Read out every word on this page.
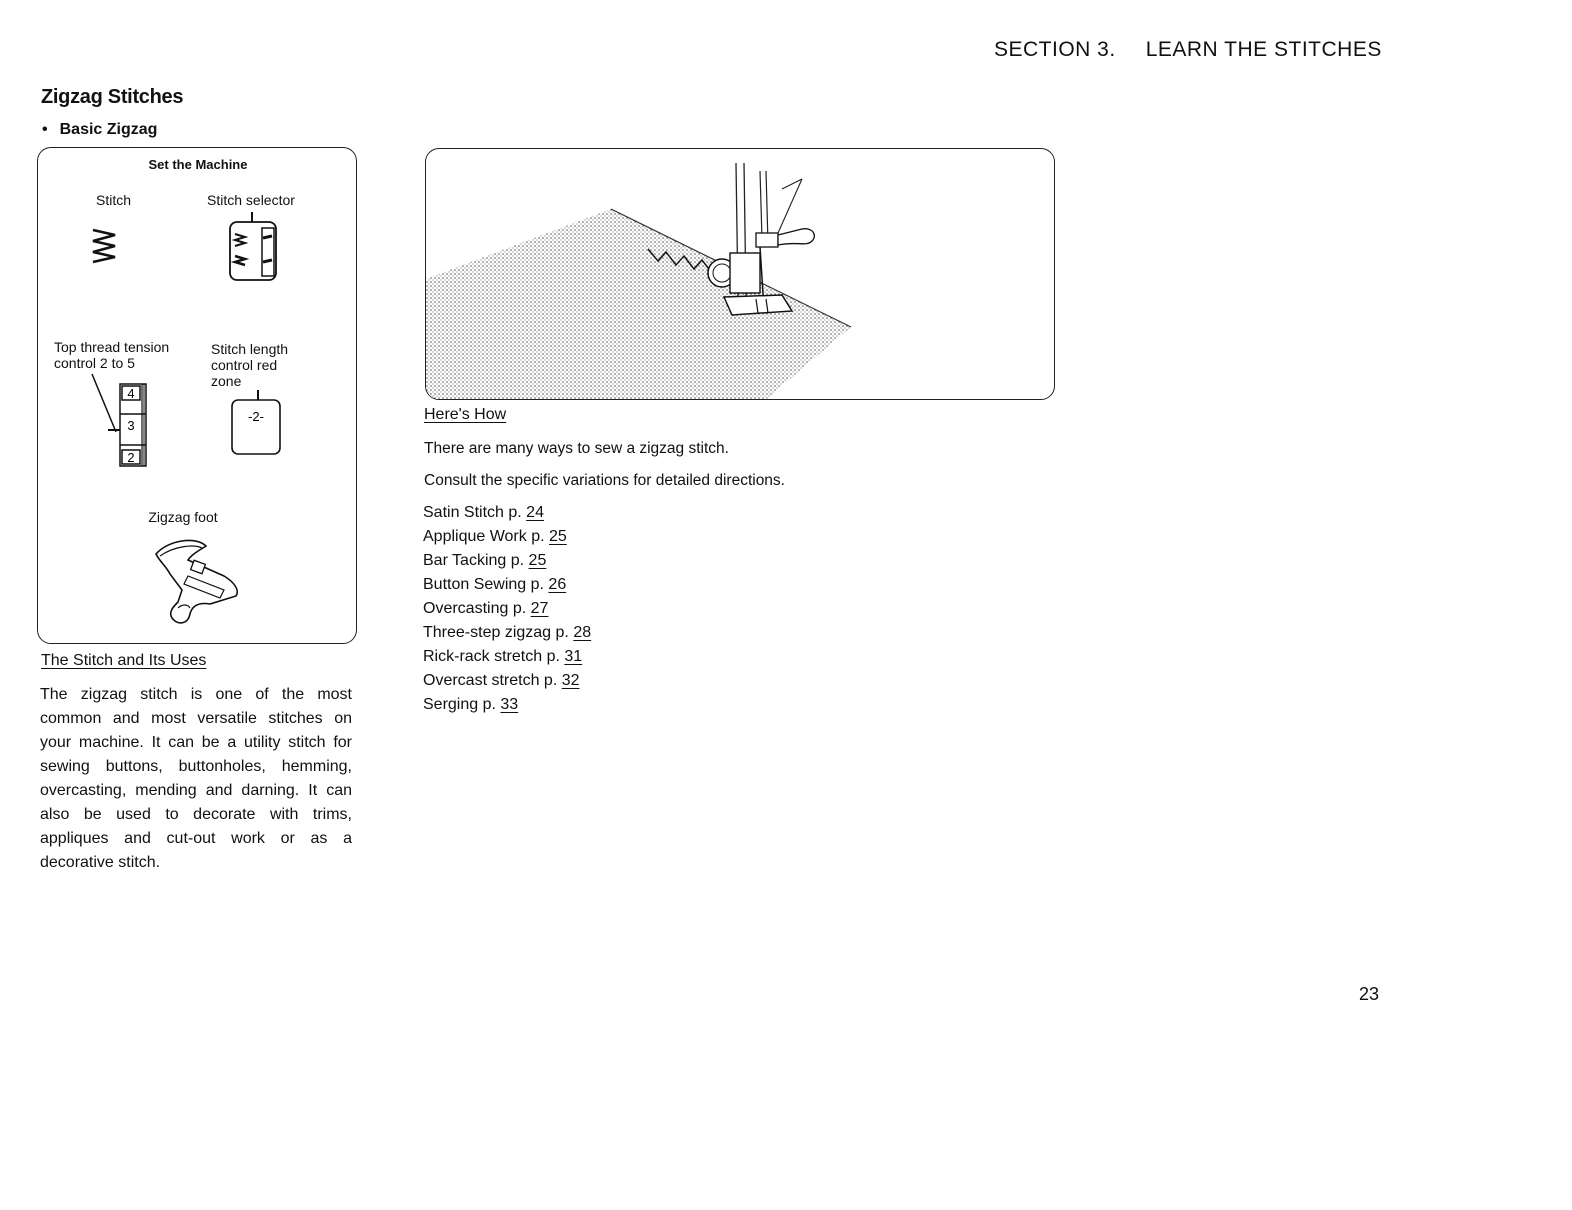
SECTION 3. LEARN THE STITCHES
Zigzag Stitches
• Basic Zigzag
Set the Machine
Stitch	Stitch selector
Top thread tension
control 2 to 5
Stitch length
control red
zone
4
3
2
-2-
Zigzag foot
The Stitch and Its Uses
The zigzag stitch is one of the most common and most versatile stitches on your machine. It can be a utility stitch for sewing buttons, buttonholes, hemming, overcasting, mending and darning. It can also be used to decorate with trims, appliques and cut-out work or as a decorative stitch.
Here's How
There are many ways to sew a zigzag stitch.
Consult the specific variations for detailed directions.
Satin Stitch p. 24
Applique Work p. 25
Bar Tacking p. 25
Button Sewing p. 26
Overcasting p. 27
Three-step zigzag p. 28
Rick-rack stretch p. 31
Overcast stretch p. 32
Serging p. 33
23
